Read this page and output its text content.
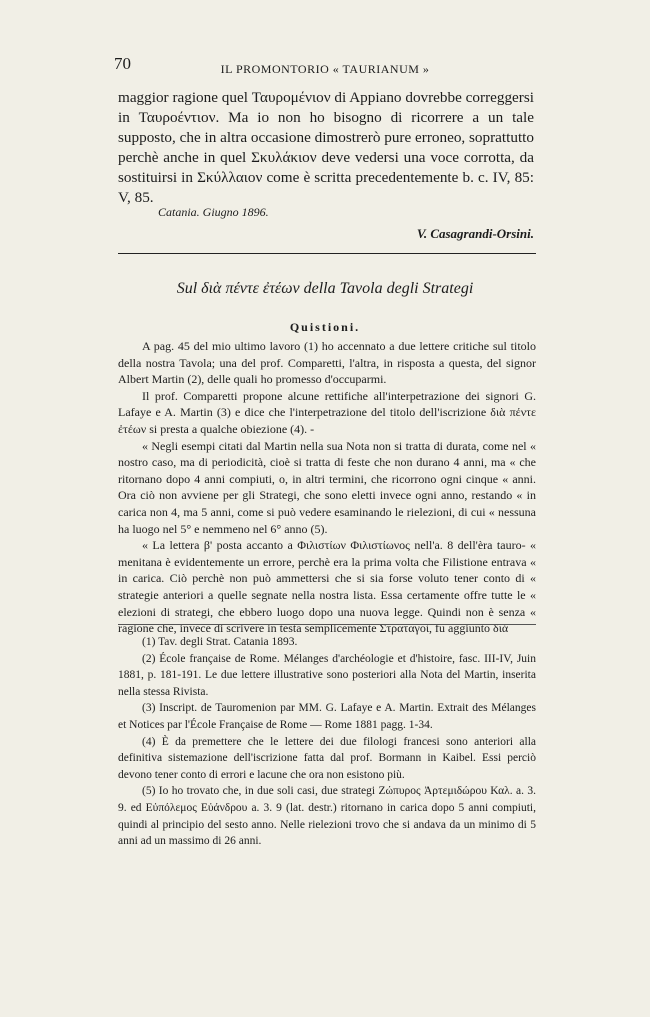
70	IL PROMONTORIO « TAURIANUM »

maggior ragione quel Ταυρομένιον di Appiano dovrebbe correggersi in Ταυροέντιον. Ma io non ho bisogno di ricorrere a un tale supposto, che in altra occasione dimostrerò pure erroneo, soprattutto perchè anche in quel Σκυλάκιον deve vedersi una voce corrotta, da sostituirsi in Σκύλλαιον come è scritta precedentemente b. c. IV, 85: V, 85.

Catania. Giugno 1896.
V. Casagrandi-Orsini.
Sul διὰ πέντε ἐτέων della Tavola degli Strategi
Quistioni.

A pag. 45 del mio ultimo lavoro (1) ho accennato a due lettere critiche sul titolo della nostra Tavola; una del prof. Comparetti, l'altra, in risposta a questa, del signor Albert Martin (2), delle quali ho promesso d'occuparmi.

Il prof. Comparetti propone alcune rettifiche all'interpetrazione dei signori G. Lafaye e A. Martin (3) e dice che l'interpetrazione del titolo dell'iscrizione διὰ πέντε ἐτέων si presta a qualche obiezione (4). -

« Negli esempi citati dal Martin nella sua Nota non si tratta di durata, come nel « nostro caso, ma di periodicità, cioè si tratta di feste che non durano 4 anni, ma « che ritornano dopo 4 anni compiuti, o, in altri termini, che ricorrono ogni cinque « anni. Ora ciò non avviene per gli Strategi, che sono eletti invece ogni anno, restando « in carica non 4, ma 5 anni, come si può vedere esaminando le rielezioni, di cui « nessuna ha luogo nel 5° e nemmeno nel 6° anno (5).

« La lettera β' posta accanto a Φιλιστίων Φιλιστίωνος nell'a. 8 dell'èra tauro- « menitana è evidentemente un errore, perchè era la prima volta che Filistione entrava « in carica. Ciò perchè non può ammettersi che si sia forse voluto tener conto di « strategie anteriori a quelle segnate nella nostra lista. Essa certamente offre tutte le « elezioni di strategi, che ebbero luogo dopo una nuova legge. Quindi non è senza « ragione che, invece di scrivere in testa semplicemente Στραταγοί, fu aggiunto διὰ

(1) Tav. degli Strat. Catania 1893.

(2) École française de Rome. Mélanges d'archéologie et d'histoire, fasc. III-IV, Juin 1881, p. 181-191. Le due lettere illustrative sono posteriori alla Nota del Martin, inserita nella stessa Rivista.

(3) Inscript. de Tauromenion par MM. G. Lafaye e A. Martin. Extrait des Mélanges et Notices par l'École Française de Rome — Rome 1881 pagg. 1-34.

(4) È da premettere che le lettere dei due filologi francesi sono anteriori alla definitiva sistemazione dell'iscrizione fatta dal prof. Bormann in Kaibel. Essi perciò devono tener conto di errori e lacune che ora non esistono più.

(5) Io ho trovato che, in due soli casi, due strategi Ζώπυρος Ἀρτεμιδώρου Καλ. a. 3. 9. ed Εὐπόλεμος Εὐάνδρου a. 3. 9 (lat. destr.) ritornano in carica dopo 5 anni compiuti, quindi al principio del sesto anno. Nelle rielezioni trovo che si andava da un minimo di 5 anni ad un massimo di 26 anni.
